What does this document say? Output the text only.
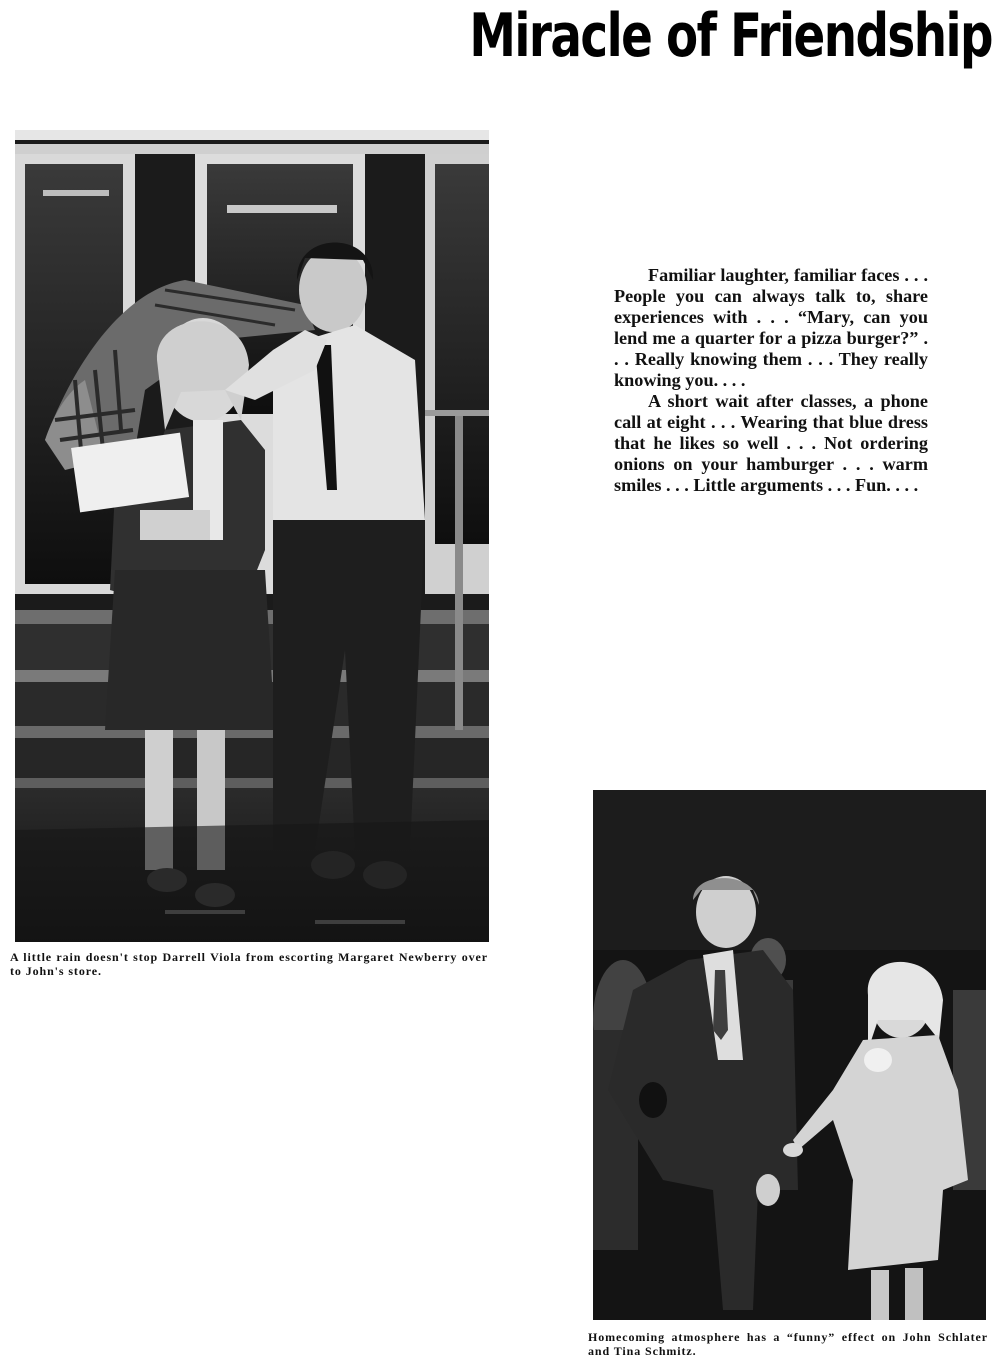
Miracle of Friendship

A little rain doesn't stop Darrell Viola from escorting Margaret Newberry over to John's store.

Familiar laughter, familiar faces . . . People you can always talk to, share experiences with . . . “Mary, can you lend me a quarter for a pizza burger?” . . . Really knowing them . . . They really knowing you. . . .

A short wait after classes, a phone call at eight . . . Wearing that blue dress that he likes so well . . . Not ordering onions on your hamburger . . . warm smiles . . . Little arguments . . . Fun. . . .

Homecoming atmosphere has a “funny” effect on John Schlater and Tina Schmitz.
